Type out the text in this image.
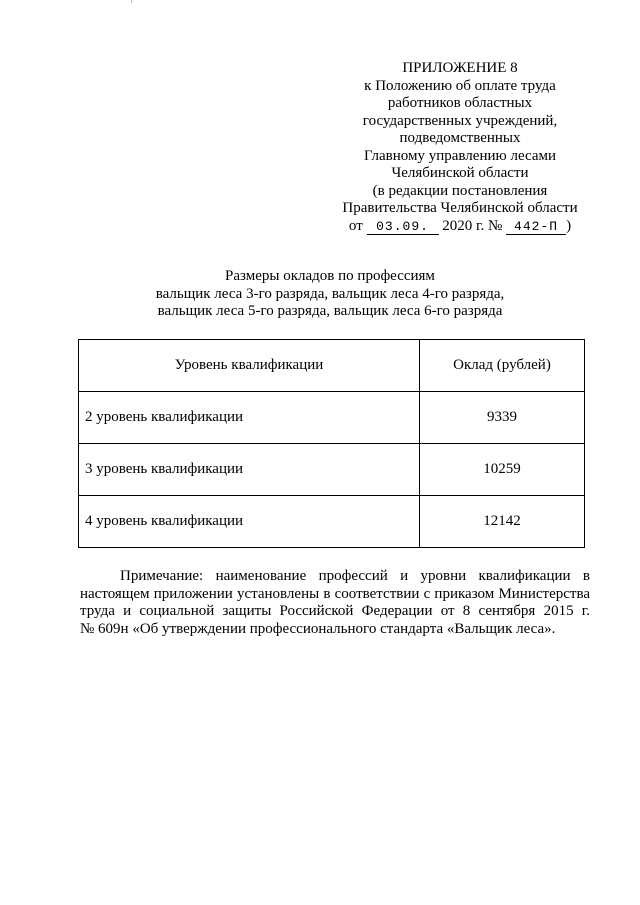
ПРИЛОЖЕНИЕ 8
к Положению об оплате труда
работников областных
государственных учреждений,
подведомственных
Главному управлению лесами
Челябинской области
(в редакции постановления
Правительства Челябинской области
от 03.09. 2020 г. № 442-П )
Размеры окладов по профессиям
вальщик леса 3-го разряда, вальщик леса 4-го разряда,
вальщик леса 5-го разряда, вальщик леса 6-го разряда
Уровень квалификации	Оклад (рублей)
2 уровень квалификации	9339
3 уровень квалификации	10259
4 уровень квалификации	12142
Примечание: наименование профессий и уровни квалификации в
настоящем приложении установлены в соответствии с приказом Министерства
труда и социальной защиты Российской Федерации от 8 сентября 2015 г.
№ 609н «Об утверждении профессионального стандарта «Вальщик леса».
